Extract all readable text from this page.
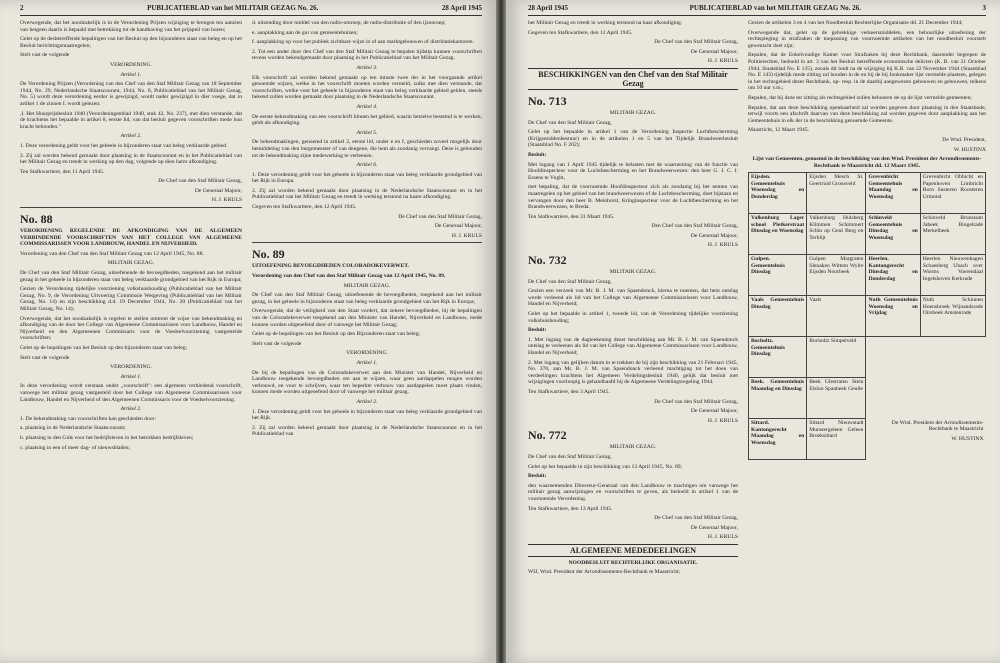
2	PUBLICATIEBLAD van het MILITAIR GEZAG No. 26.	28 April 1945

Overwegende, dat het noodzakelijk is in de Verordening Prijzen wijziging te brengen ten aanzien van hetgeen daarin is bepaald met betrekking tot de handhaving van het prijspeil van huren;

Gelet op de desbetreffende bepalingen van het Besluit op den bijzonderen staat van beleg en op het Besluit berichtingsmaatregelen;

Stelt vast de volgende

VERORDENING.

Artikel 1.

De Verordening Prijzen (Verordening van den Chef van den Staf Militair Gezag van 18 September 1944, No. 29, Nederlandsche Staatscourant, 1944, No. 8, Publicatieblad van het Militair Gezag, No. 5) wordt deze verordening eerder is gewijzigd, wordt nader gewijzigd in dier voege, dat in artikel 1 de zinnen I. wordt gelezen:

,I. Het Huurprijsbesluit 1940 (Verordeningenblad 1940, stuk 42, No. 237), met dien verstande, dat de krachtens het bepaalde in artikel 8, eerste lid, van dat besluit gegeven voorschriften mede hun kracht behouden."

Artikel 2.

1. Deze verordening geldt voor het gebeele in bijzonderen staat van beleg verklaarde gebied.

2. Zij zal worden bekend gemaakt door plaatsing in de Staatscourant en in het Publicatieblad van het Militair Gezag en treedt in werking op den dag, volgende op dien harer afkondiging.

Ten Stafkwartiere, den 11 April 1945.

De Chef van den Staf Militair Gezag,

De Generaal Majoor,

H. J. KRULS

No. 88

VERORDENING REGELENDE DE AFKONDIGING VAN DE ALGEMEEN VERBINDENDE VOORSCHRIFTEN VAN HET COLLEGE VAN ALGEMEENE COMMISSARISSEN VOOR LANDBOUW, HANDEL EN NIJVERHEID.

Verordening van den Chef van den Staf Militair Gezag van 12 April 1945, No. 88.

MILITAIR GEZAG.

De Chef van den Staf Militair Gezag, uitoefenende de bevoegdheden, toegekend aan het militair gezag in het geheele in bijzonderen staat van beleg verklaarde grondgebied van het Rijk in Europa;

Gezien de Verordening tijdelijke voorziening volkshuishouding (Publicatieblad van het Militair Gezag, No. 9, de Verordening Uitvoering Commissie Wetgeving (Publicatieblad van het Militair Gezag, No. 14) en zijn beschikking d.d. 19 December 1944, No. 20 (Publicatieblad van het Militair Gezag, No. 14);

Overwegende, dat het noodzakelijk is regelen te stellen omtrent de wijze van bekendmaking en afkondiging van de door het College van Algemeene Commissarissen voor Landbouw, Handel en Nijverheid en den Algemeenen Commissaris voor de Voedselvoorziening vastgestelde voorschriften;

Gelet op de bepalingen van het Besluit op den bijzonderen staat van beleg;

Stelt vast de volgende

VERORDENING.

Artikel 1.

In deze verordening wordt verstaan onder „voorschrift": een algemeen verbindend voorschrift, vanwege het militair gezag vastgesteld door het College van Algemeene Commissarissen voor Landbouw, Handel en Nijverheid of den Algemeenen Commissaris voor de Voedselvoorziening.

Artikel 2.

1. De bekendmaking van voorschriften kan geschieden door:

a. plaatsing in de Nederlandsche Staatscourant;

b. plaatsing in den Gids voor het bedrijfsleven in het betrokken bedrijfsleven;

c. plaatsing in een of meer dag- of nieuwsbladen;

d. uitzending door middel van den radio-omroep, de radio-distributie of den ijzonroep;

e. aanplakking aan de gui van gemeentehuizen;

f. aanplakking op voor het publiek zichtbare wijze in of aan marktgebouwen of distributiekantoren.

2. Tot een ander door den Chef van den Staf Militair Gezag te bepalen tijdstip kunnen voorschriften tevens worden bekendgemaakt door plaatsing in het Publicatieblad van het Militair Gezag.

Artikel 3.

Elk voorschrift zal worden bekend gemaakt op ten minste twee der in het voorgaande artikel genoemde wijzen, welke in het voorschrift moeten worden vermeld, zulks met dien verstande, dat voorschriften, welke voor het geheele in bijzonderen staat van beleg verklaarde gebied gelden, steeds bekend zullen worden gemaakt door plaatsing in de Nederlandsche Staatscourant.

Artikel 4.

De eerste bekendmaking van een voorschrift binnen het gebied, waarin hetzelve bestemd is te werken, geldt als afkondiging.

Artikel 5.

De bekendmakingen, genoemd in artikel 2, eerste lid, onder e en f, geschieden zoveel mogelijk door bemiddeling van den burgemeester of van dengene, die hem als zoodanig vervangt. Deze is gehouden tot de bekendmaking zijne medewerking te verleenen.

Artikel 6.

1. Deze verordening geldt voor het geheele in bijzonderen staat van beleg verklaarde grondgebied van het Rijk in Europa.

2. Zij zal worden bekend gemaakt door plaatsing in de Nederlandsche Staatscourant en in het Publicatieblad van het Militair Gezag en treedt in werking terstond na haare afkondiging.

Gegeven ten Stafkwartiere, den 12 April 1945.

De Chef van den Staf Militair Gezag,

De Generaal Majoor,

H. J. KRULS

No. 89

UITOEFENING BEVOEGDHEDEN COLORADOKEVERWET.

Verordening van den Chef van den Staf Militair Gezag van 12 April 1945, No. 89.

MILITAIR GEZAG.

De Chef van den Staf Militair Gezag, uitoefenende de bevoegdheden, toegekend aan het militair gezag, in het geheele in bijzonderen staat van beleg verklaarde grondgebied van het Rijk in Europa;

Overwegende, dat de veiligheid van den Staat vordert, dat zekere bevoegdheden, bij de bepalingen van de Coloradokeverwet toegekend aan den Minister van Handel, Nijverheid en Landbouw, mede kunnen worden uitgeoefend door of vanwege het Militair Gezag;

Gelet op de bepalingen van het Besluit op den Bijzonderen staat van beleg;

Stelt vast de volgende

VERORDENING.

Artikel 1.

De bij de bepalingen van de Coloradokeverwet aan den Minister van Handel, Nijverheid en Landbouw toegekende bevoegdheden om aan te wijzen, waar geen aardappelen mogen worden verbouwd, en voor te schrijven, waar ten beperkte verbouw van aardappelen moet plaats vinden, kunnen mede worden uitgeoefend door of vanwege het militair gezag.

Artikel 2.

1. Deze verordening geldt voor het geheele in bijzonderen staat van beleg verklaarde grondgebied van het Rijk.

2. Zij zal worden bekend gemaakt door plaatsing in de Nederlandsche Staatscourant en in het Publicatieblad van

28 April 1945	PUBLICATIEBLAD van het MILITAIR GEZAG No. 26.	3

het Militair Gezag en treedt in werking terstond na haar afkondiging.

Gegeven ten Stafkwartiere, den 12 April 1945.

De Chef van den Staf Militair Gezag,

De Generaal Majoor,

H. J. KRULS

BESCHIKKINGEN van den Chef van den Staf Militair Gezag
No. 713

MILITAIR GEZAG.

De Chef van den Staf Militair Gezag,

Gelet op het bepaalde in artikel 1 van de Verordening Inspectie Luchtbescherming (Krijgsmiddenbestuur) en in de artikelen 1 en 5 van het Tijdelijk Brandweerbesluit (Staatsblad No. F 202);

Besluit:

Met ingang van 1 April 1945 tijdelijk te belasten met de waarneming van de functie van Hoofdinspecteur voor de Luchtbescherming en het Brandweerwezen: den heer G. J. C. J. Essens te Vught,

met bepaling, dat de voornoemde Hoofdinspecteur zich als zoodanig bij het nemen van maatregelen op het gebied van het brandweerwezen of de Luchtbescherming, doet bijstaan en vervangen door den heer B. Meinhorst, Kringinspecteur voor de Luchtbescherming en het Brandweerwezen, te Breda.

Ten Stafkwartiere, den 31 Maart 1945.

Den Chef van den Staf Militair Gezag,

De Generaal Majoor,

H. J. KRULS

No. 732

MILITAIR GEZAG.

De Chef van den Staf Militair Gezag,

Gezien een verzoek van Mr. B. J. M. van Spaendonck, hierna te noemen, dat hem ontslag werde verleend als lid van het College van Algemeene Commissarissen voor Landbouw, Handel en Nijverheid;

Gelet op het bepaalde in artikel 1, tweede lid, van de Verordening tijdelijke voorziening volkshuishouding;

Besluit:

1. Met ingang van de dagteekening dezer beschikking aan Mr. B. J. M. van Spaendonck ontslag te verleenen als lid van het College van Algemeene Commissarissen voor Landbouw, Handel en Nijverheid;

2. Met ingang van gelijken datum in te trekken de bij zijn beschikking van 21 Februari 1945, No. 370, aan Mr. B. J. M. van Spaendonck verleend machtiging tot het doen van verdeelingen krachtens het Algemeen Verdelingsbesluit 1940, gelijk dat besluit met wijzigingen voorloopig is gehandhaafd bij de Algemeene Verdelingsregeling 1944.

Ten Stafkwartiere, den 3 April 1945.

De Chef van den Staf Militair Gezag,

De Generaal Majoor,

H. J. KRULS

No. 772

MILITAIR GEZAG.

De Chef van den Staf Militair Gezag,

Gelet op het bepaalde in zijn beschikking van 13 April 1945, No. 89;

Besluit:

den waarnemenden Directeur-Generaal van den Landbouw te machtigen om vanwege het militair gezag aanwijzingen en voorschriften te geven, als bedoeld in artikel 1 van de voornoemde Verordening.

Ten Stafkwartiere, den 13 April 1945.

De Chef van den Staf Militair Gezag,

De Generaal Majoor,

H. J. KRULS

ALGEMEENE MEDEDEELINGEN

NOODBESLUIT RECHTERLIJKE ORGANISATIE.

WIJ, Wnd. President der Arrondissements-Rechtbank te Maastricht;

Gezien de artikelen 3 en 4 van het Noodbesluit Rechterlijke Organisatie dd. 21 December 1944;

Overwegende dat, gelet op de gebrekkige verkeersmiddelen, een behoorlijke uitoefening der rechtspleging in strafzaken de toepassing van voornoemde artikelen van het noodbesluit voorstelt gewenscht doet zijn;

Bepalen, dat de Enkelvoudige Kamer voor Strafzaken bij deze Rechtbank, daaronder begrepen de Politierechter, bedoeld in art. 3 van het Besluit betreffende economische delicten (K. B. van 31 October 1944, Staatsblad No. E 135), zooals dit luidt na de wijziging bij K.B. van 22 November 1944 (Staatsblad No. E 143) tijdelijk mede zitting zal houden in de en bij de bij Jonkmaker lijst vermelde plaatsen, gelegen in het rechtsgebied dezer Rechtbank, op- resp. in de daarbij aangewezen gebouwen en gebouwen, telkens om 10 uur v.m.;

Bepalen, dat bij deze ter zitting als rechtsgebied zullen behooren de op de lijst vermelde gemeenten;

Bepalen, dat aan deze beschikking openbaarheid zal worden gegeven door plaatsing in den Staatsbode, terwijl voorts een afschrift daarvan van deze beschikking zal worden gegeven door aanplakking aan het Gemeentehuis in elk der in de beschikking genoemde Gemeente.

Maastricht, 12 Maart 1945.

De Wnd. President,

W. HUSTINX

Lijst van Gemeenten, genoemd in de beschikking van den Wnd. President der Arrondissements-Rechtbank te Maastricht dd. 12 Maart 1945.

Eijsden. Gemeentehuis Woensdag en Donderdag	Eijsden Mesch St. Geertruid Gronsveld	Grevenbicht Gemeentehuis Maandag en Woensdag	Grevenbicht Obbicht en Papenhoven Limbricht Born Susteren Roosteren Urmond
Valkenburg Lager school Pletkerstraat Dinsdag en Woensdag	Valkenburg Hulsberg Klimmen Schimmert Schin op Geul Berg en Terblijt	Schinveld Gemeentehuis Dinsdag en Woensdag	Schinveld Brunssum Jabeek Bingelrade Merkelbeek
Gulpen. Gemeentehuis Dinsdag	Gulpen Margraten Slenaken Wittem Wylre Eijsden Noorbeek	Heerlen. Kantongerecht Dinsdag en Donderdag	Heerlen Nieuwenhagen Schaesberg Ubach over Worms Voerendaal Ingelshoven Kerkrade
Vaals Gemeentehuis Dinsdag	Vaals	Nuth Gemeentehuis Woensdag en Vrijdag	Nuth Schinnen Hoensbroek Wijnandsrade Oirsbeek Amstenrade
Bocholtz. Gemeentehuis Dinsdag	Bocholtz Simpelveld		
Beek. Gemeentehuis Maandag en Dinsdag	Beek Ulestraten Stein Elsloo Spaubeek Geulle		
Sittard. Kantongerecht Maandag en Woensdag	Sittard Nieuwstadt Munstergeleen Geleen Broeksittard	De Wnd. President der Arrondissements-Rechtbank te Maastricht
W. HUSTINX	
